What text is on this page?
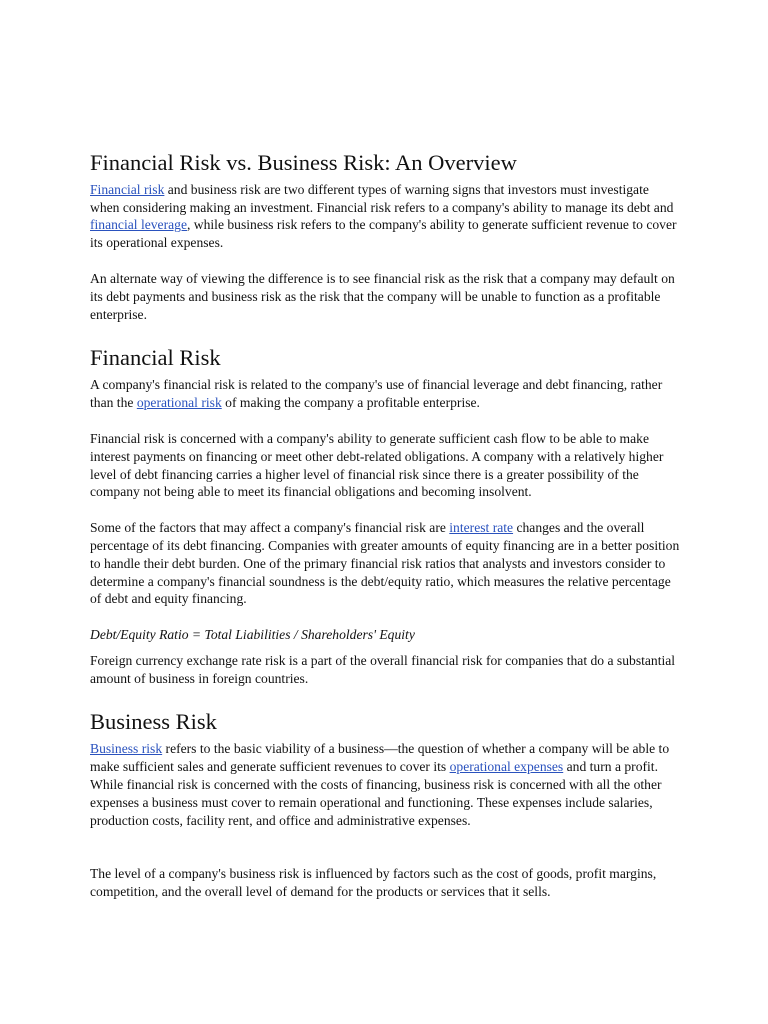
Financial Risk vs. Business Risk: An Overview

Financial risk and business risk are two different types of warning signs that investors must investigate when considering making an investment. Financial risk refers to a company's ability to manage its debt and financial leverage, while business risk refers to the company's ability to generate sufficient revenue to cover its operational expenses.

An alternate way of viewing the difference is to see financial risk as the risk that a company may default on its debt payments and business risk as the risk that the company will be unable to function as a profitable enterprise.

Financial Risk

A company's financial risk is related to the company's use of financial leverage and debt financing, rather than the operational risk of making the company a profitable enterprise.

Financial risk is concerned with a company's ability to generate sufficient cash flow to be able to make interest payments on financing or meet other debt-related obligations. A company with a relatively higher level of debt financing carries a higher level of financial risk since there is a greater possibility of the company not being able to meet its financial obligations and becoming insolvent.

Some of the factors that may affect a company's financial risk are interest rate changes and the overall percentage of its debt financing. Companies with greater amounts of equity financing are in a better position to handle their debt burden. One of the primary financial risk ratios that analysts and investors consider to determine a company's financial soundness is the debt/equity ratio, which measures the relative percentage of debt and equity financing.

Debt/Equity Ratio = Total Liabilities / Shareholders' Equity

Foreign currency exchange rate risk is a part of the overall financial risk for companies that do a substantial amount of business in foreign countries.

Business Risk

Business risk refers to the basic viability of a business—the question of whether a company will be able to make sufficient sales and generate sufficient revenues to cover its operational expenses and turn a profit. While financial risk is concerned with the costs of financing, business risk is concerned with all the other expenses a business must cover to remain operational and functioning. These expenses include salaries, production costs, facility rent, and office and administrative expenses.

The level of a company's business risk is influenced by factors such as the cost of goods, profit margins, competition, and the overall level of demand for the products or services that it sells.
